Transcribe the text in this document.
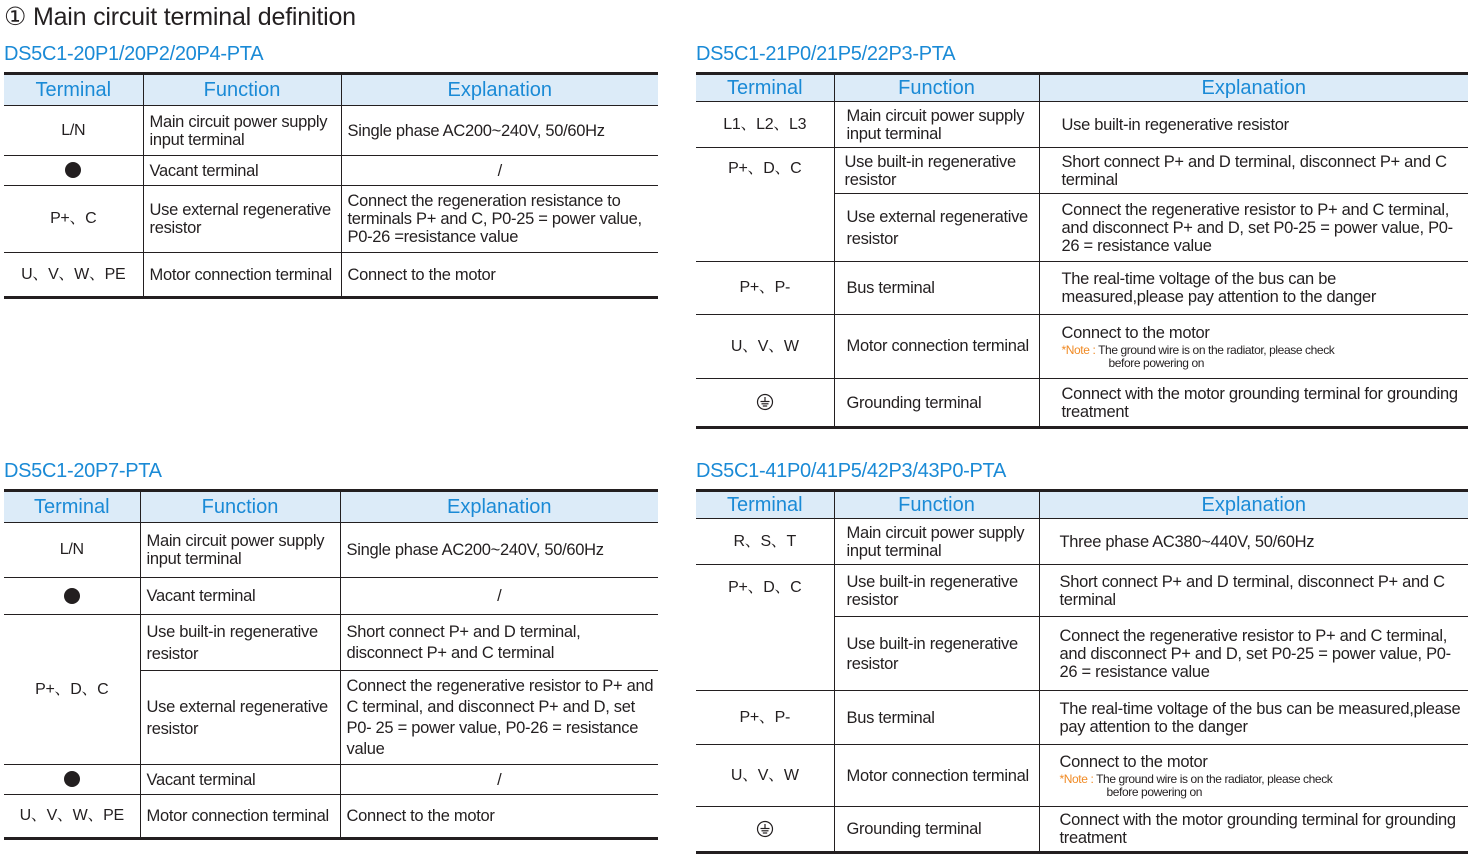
① Main circuit terminal definition
DS5C1-20P1/20P2/20P4-PTA
Terminal	Function	Explanation
L/N	Main circuit power supply input terminal	Single phase AC200~240V, 50/60Hz
	Vacant terminal	/
P+、C	Use external regenerative resistor	Connect the regeneration resistance to terminals P+ and C, P0-25 = power value, P0-26 =resistance value
U、V、W、PE	Motor connection terminal	Connect to the motor
DS5C1-21P0/21P5/22P3-PTA
Terminal	Function	Explanation
L1、L2、L3	Main circuit power supply input terminal	Use built-in regenerative resistor
P+、D、C	Use built-in regenerative resistor	Short connect P+ and D terminal, disconnect P+ and C terminal
	Use external regenerative resistor	Connect the regenerative resistor to P+ and C terminal, and disconnect P+ and D, set P0-25 = power value, P0-26 = resistance value
P+、P-	Bus terminal	The real-time voltage of the bus can be measured,please pay attention to the danger
U、V、W	Motor connection terminal	Connect to the motor
*Note : The ground wire is on the radiator, please check
before powering on

	Grounding terminal	Connect with the motor grounding terminal for grounding treatment
DS5C1-20P7-PTA
Terminal	Function	Explanation
L/N	Main circuit power supply input terminal	Single phase AC200~240V, 50/60Hz
	Vacant terminal	/
P+、D、C	Use built-in regenerative resistor	Short connect P+ and D terminal, disconnect P+ and C terminal
	Use external regenerative resistor	Connect the regenerative resistor to P+ and C terminal, and disconnect P+ and D, set P0- 25 = power value, P0-26 = resistance value
	Vacant terminal	/
U、V、W、PE	Motor connection terminal	Connect to the motor
DS5C1-41P0/41P5/42P3/43P0-PTA
Terminal	Function	Explanation
R、S、T	Main circuit power supply input terminal	Three phase AC380~440V, 50/60Hz
P+、D、C	Use built-in regenerative resistor	Short connect P+ and D terminal, disconnect P+ and C terminal
	Use built-in regenerative resistor	Connect the regenerative resistor to P+ and C terminal, and disconnect P+ and D, set P0-25 = power value, P0-26 = resistance value
P+、P-	Bus terminal	The real-time voltage of the bus can be measured,please pay attention to the danger
U、V、W	Motor connection terminal	Connect to the motor
*Note : The ground wire is on the radiator, please check
before powering on

	Grounding terminal	Connect with the motor grounding terminal for grounding treatment
